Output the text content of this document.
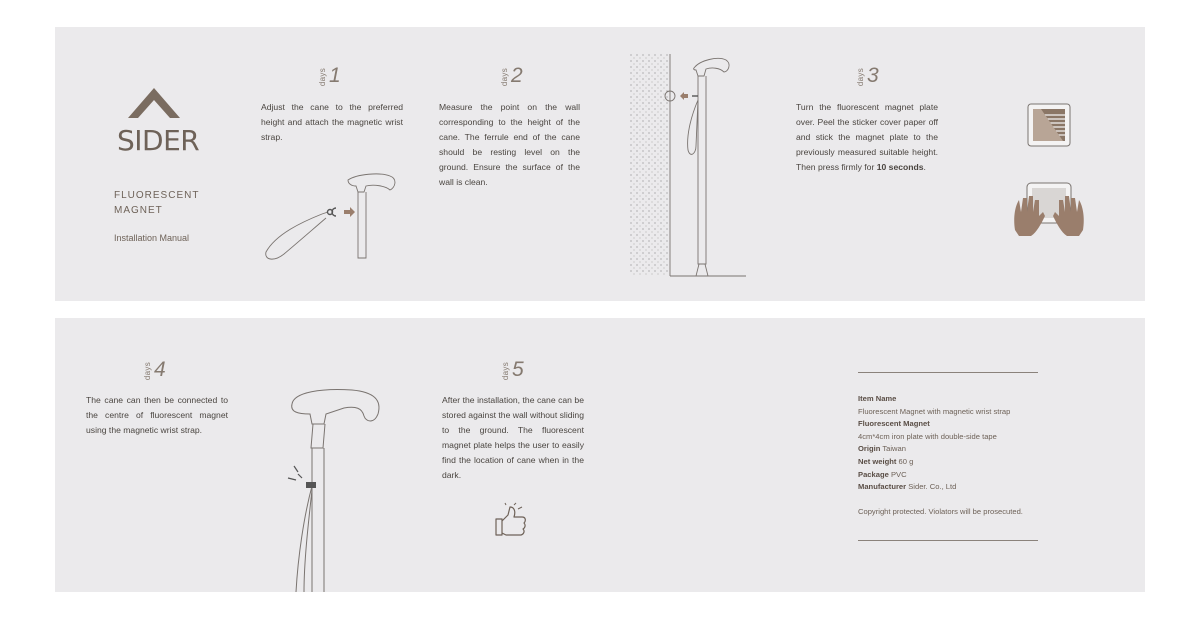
SIDER
FLUORESCENT
MAGNET
Installation Manual
days 1
Adjust the cane to the preferred height and attach the magnetic wrist strap.
days 2
Measure the point on the wall corresponding to the height of the cane. The ferrule end of the cane should be resting level on the ground. Ensure the surface of the wall is clean.
days 3
Turn the fluorescent magnet plate over. Peel the sticker cover paper off and stick the magnet plate to the previously measured suitable height. Then press firmly for 10 seconds.
days 4
The cane can then be connected to the centre of fluorescent magnet using the magnetic wrist strap.
days 5
After the installation, the cane can be stored against the wall without sliding to the ground. The fluorescent magnet plate helps the user to easily find the location of cane when in the dark.
Item Name
Fluorescent Magnet with magnetic wrist strap
Fluorescent Magnet
4cm*4cm iron plate with double-side tape
Origin Taiwan
Net weight 60 g
Package PVC
Manufacturer Sider. Co., Ltd
Copyright protected. Violators will be prosecuted.
